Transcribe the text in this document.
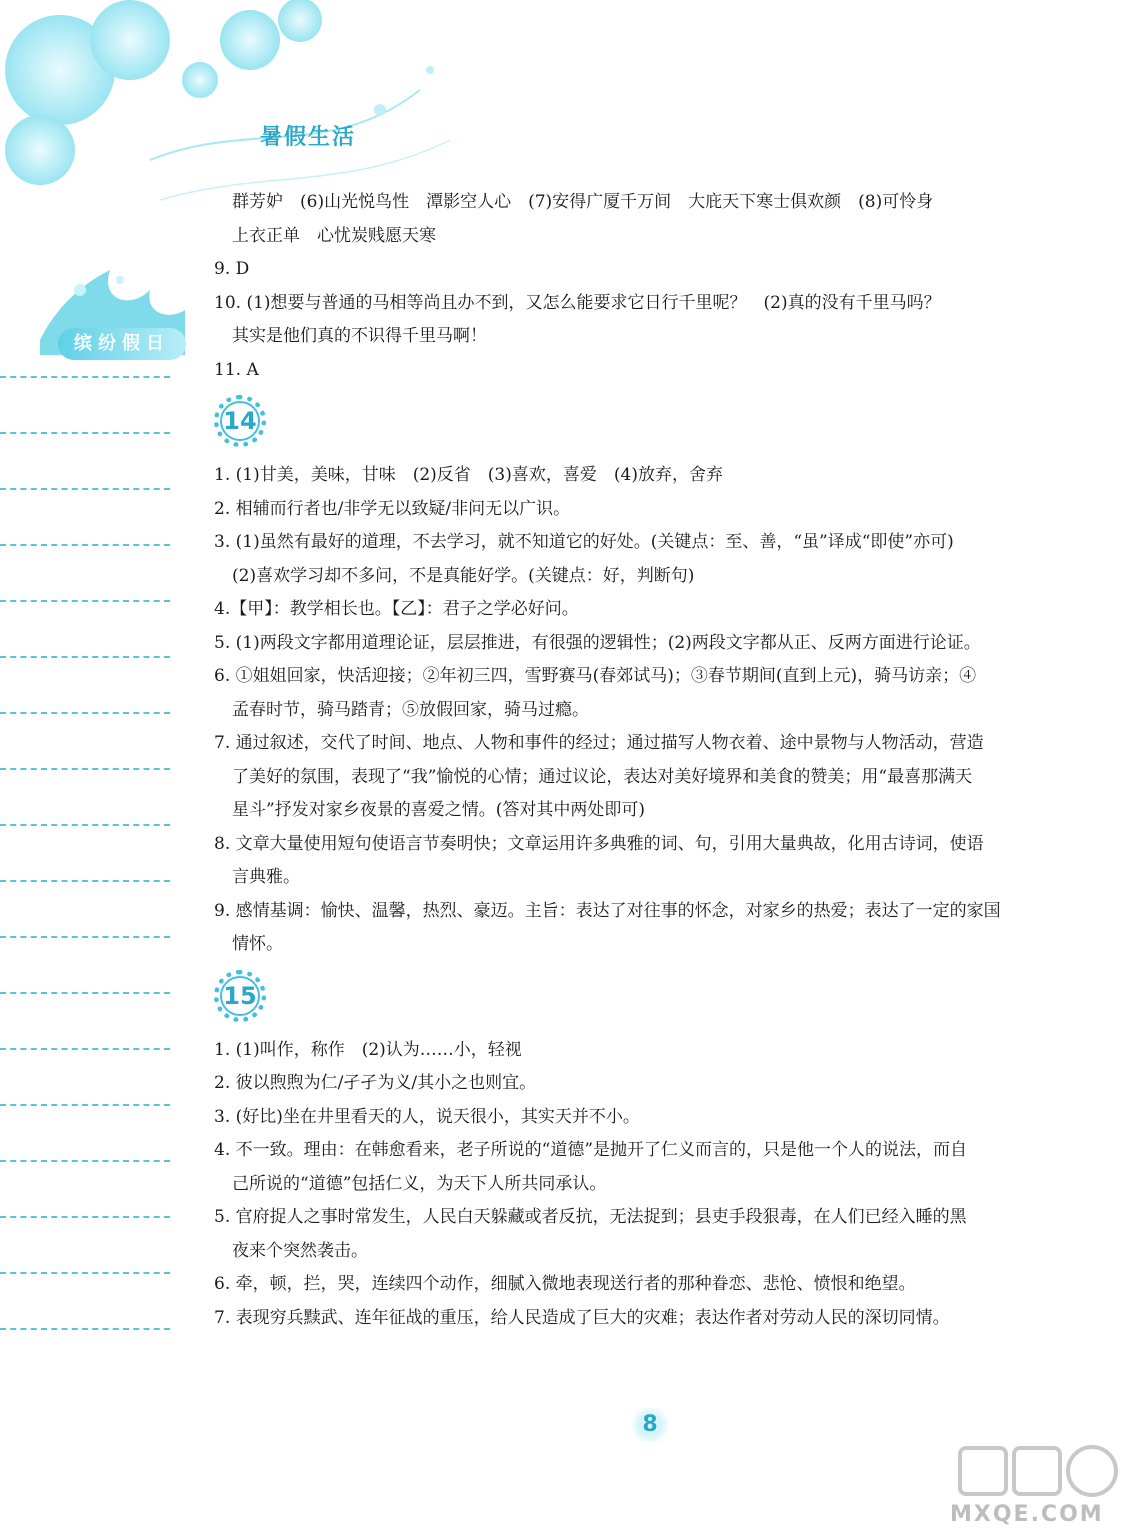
暑假生活
缤纷假日
群芳妒　(6)山光悦鸟性　潭影空人心　(7)安得广厦千万间　大庇天下寒士俱欢颜　(8)可怜身
上衣正单　心忧炭贱愿天寒
9. D
10. (1)想要与普通的马相等尚且办不到，又怎么能要求它日行千里呢？　(2)真的没有千里马吗？
其实是他们真的不识得千里马啊！
11. A
14
1. (1)甘美，美味，甘味　(2)反省　(3)喜欢，喜爱　(4)放弃，舍弃
2. 相辅而行者也/非学无以致疑/非问无以广识。
3. (1)虽然有最好的道理，不去学习，就不知道它的好处。(关键点：至、善，“虽”译成“即使”亦可)
(2)喜欢学习却不多问，不是真能好学。(关键点：好，判断句)
4.【甲】：教学相长也。【乙】：君子之学必好问。
5. (1)两段文字都用道理论证，层层推进，有很强的逻辑性；(2)两段文字都从正、反两方面进行论证。
6. ①姐姐回家，快活迎接；②年初三四，雪野赛马(春郊试马)；③春节期间(直到上元)，骑马访亲；④
孟春时节，骑马踏青；⑤放假回家，骑马过瘾。
7. 通过叙述，交代了时间、地点、人物和事件的经过；通过描写人物衣着、途中景物与人物活动，营造
了美好的氛围，表现了“我”愉悦的心情；通过议论，表达对美好境界和美食的赞美；用“最喜那满天
星斗”抒发对家乡夜景的喜爱之情。(答对其中两处即可)
8. 文章大量使用短句使语言节奏明快；文章运用许多典雅的词、句，引用大量典故，化用古诗词，使语
言典雅。
9. 感情基调：愉快、温馨，热烈、豪迈。主旨：表达了对往事的怀念，对家乡的热爱；表达了一定的家国
情怀。
15
1. (1)叫作，称作　(2)认为……小，轻视
2. 彼以煦煦为仁/孑孑为义/其小之也则宜。
3. (好比)坐在井里看天的人，说天很小，其实天并不小。
4. 不一致。理由：在韩愈看来，老子所说的“道德”是抛开了仁义而言的，只是他一个人的说法，而自
己所说的“道德”包括仁义，为天下人所共同承认。
5. 官府捉人之事时常发生，人民白天躲藏或者反抗，无法捉到；县吏手段狠毒，在人们已经入睡的黑
夜来个突然袭击。
6. 牵，顿，拦，哭，连续四个动作，细腻入微地表现送行者的那种眷恋、悲怆、愤恨和绝望。
7. 表现穷兵黩武、连年征战的重压，给人民造成了巨大的灾难；表达作者对劳动人民的深切同情。
8
MXQE.COM
